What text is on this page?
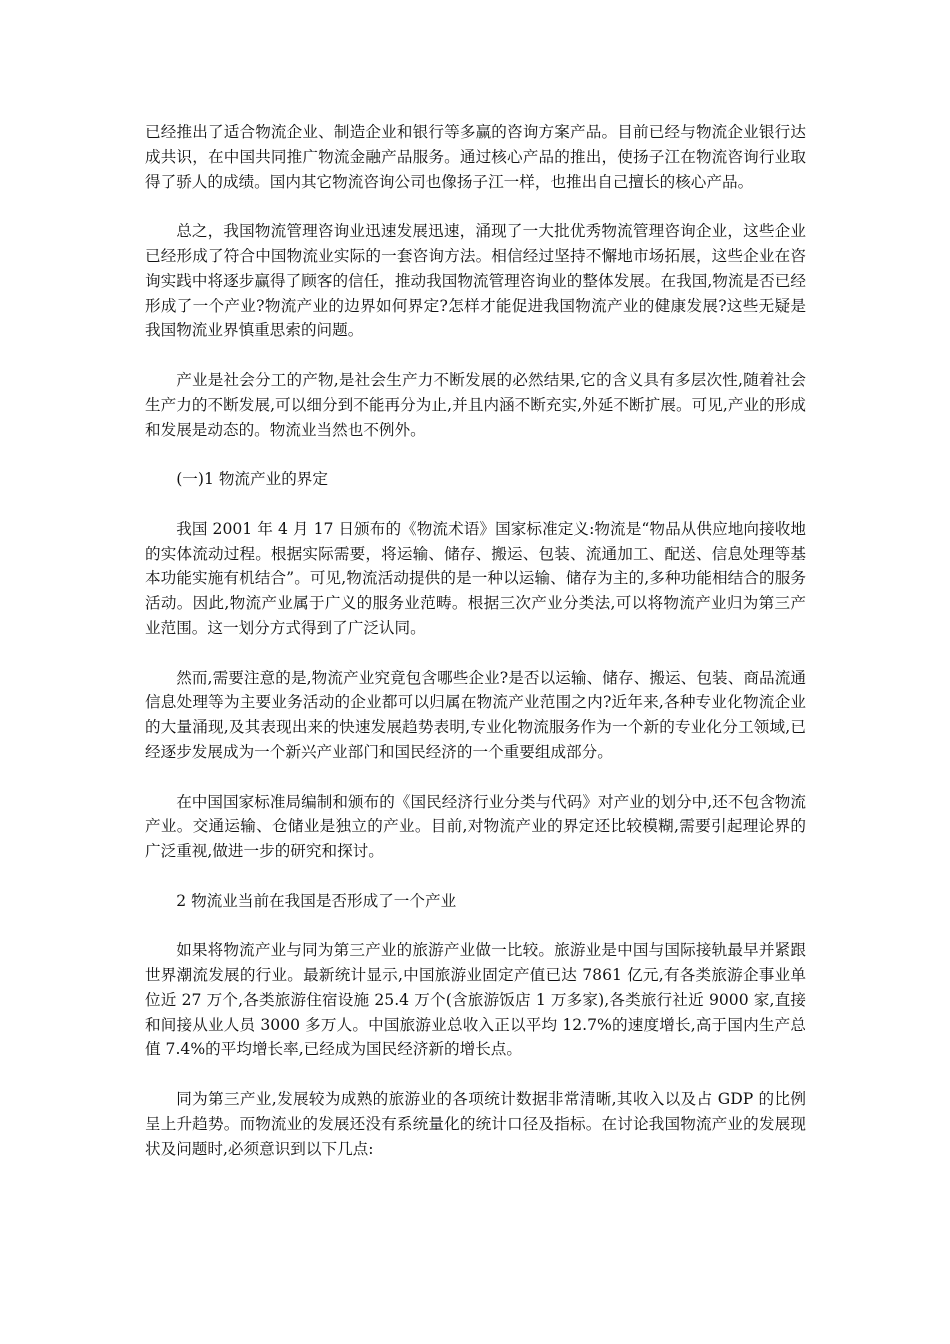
已经推出了适合物流企业、制造企业和银行等多赢的咨询方案产品。目前已经与物流企业银行达成共识，在中国共同推广物流金融产品服务。通过核心产品的推出，使扬子江在物流咨询行业取得了骄人的成绩。国内其它物流咨询公司也像扬子江一样，也推出自己擅长的核心产品。

总之，我国物流管理咨询业迅速发展迅速，涌现了一大批优秀物流管理咨询企业，这些企业已经形成了符合中国物流业实际的一套咨询方法。相信经过坚持不懈地市场拓展，这些企业在咨询实践中将逐步赢得了顾客的信任，推动我国物流管理咨询业的整体发展。在我国,物流是否已经形成了一个产业?物流产业的边界如何界定?怎样才能促进我国物流产业的健康发展?这些无疑是我国物流业界慎重思索的问题。

产业是社会分工的产物,是社会生产力不断发展的必然结果,它的含义具有多层次性,随着社会生产力的不断发展,可以细分到不能再分为止,并且内涵不断充实,外延不断扩展。可见,产业的形成和发展是动态的。物流业当然也不例外。

(一)1 物流产业的界定

我国 2001 年 4 月 17 日颁布的《物流术语》国家标准定义:物流是“物品从供应地向接收地的实体流动过程。根据实际需要，将运输、储存、搬运、包装、流通加工、配送、信息处理等基本功能实施有机结合”。可见,物流活动提供的是一种以运输、储存为主的,多种功能相结合的服务活动。因此,物流产业属于广义的服务业范畴。根据三次产业分类法,可以将物流产业归为第三产业范围。这一划分方式得到了广泛认同。

然而,需要注意的是,物流产业究竟包含哪些企业?是否以运输、储存、搬运、包装、商品流通信息处理等为主要业务活动的企业都可以归属在物流产业范围之内?近年来,各种专业化物流企业的大量涌现,及其表现出来的快速发展趋势表明,专业化物流服务作为一个新的专业化分工领域,已经逐步发展成为一个新兴产业部门和国民经济的一个重要组成部分。

在中国国家标准局编制和颁布的《国民经济行业分类与代码》对产业的划分中,还不包含物流产业。交通运输、仓储业是独立的产业。目前,对物流产业的界定还比较模糊,需要引起理论界的广泛重视,做进一步的研究和探讨。

2 物流业当前在我国是否形成了一个产业

如果将物流产业与同为第三产业的旅游产业做一比较。旅游业是中国与国际接轨最早并紧跟世界潮流发展的行业。最新统计显示,中国旅游业固定产值已达 7861 亿元,有各类旅游企事业单位近 27 万个,各类旅游住宿设施 25.4 万个(含旅游饭店 1 万多家),各类旅行社近 9000 家,直接和间接从业人员 3000 多万人。中国旅游业总收入正以平均 12.7%的速度增长,高于国内生产总值 7.4%的平均增长率,已经成为国民经济新的增长点。

同为第三产业,发展较为成熟的旅游业的各项统计数据非常清晰,其收入以及占 GDP 的比例呈上升趋势。而物流业的发展还没有系统量化的统计口径及指标。在讨论我国物流产业的发展现状及问题时,必须意识到以下几点:
